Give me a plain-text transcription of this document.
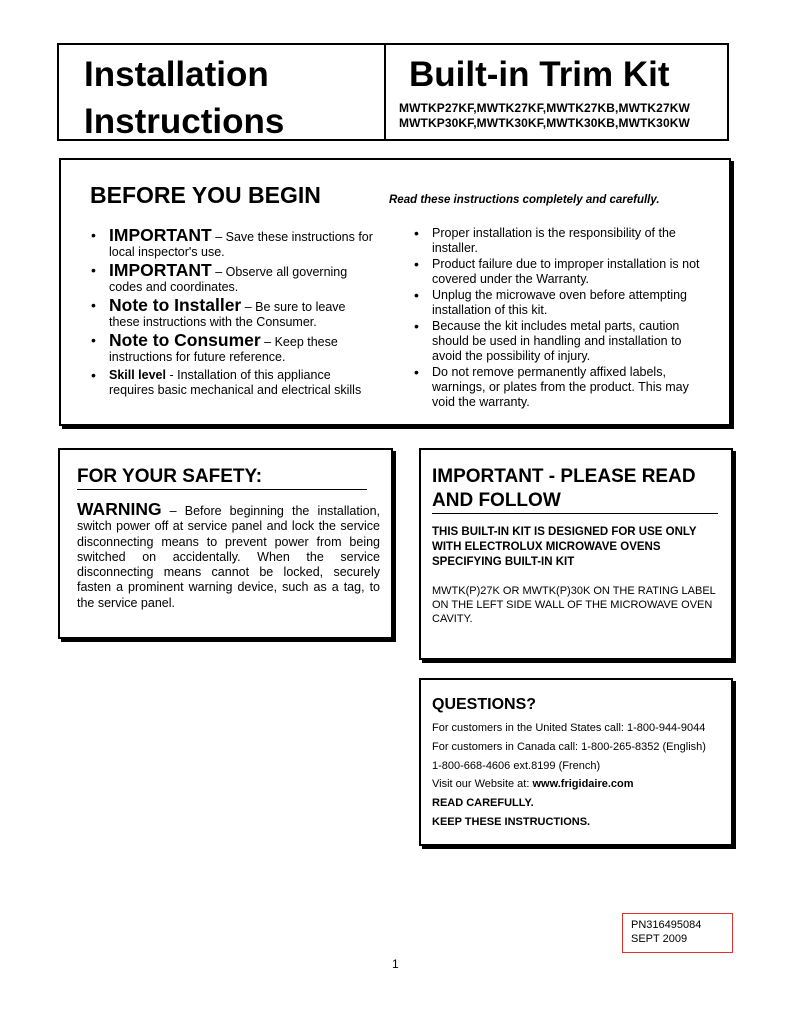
Installation
Instructions
Built-in Trim Kit
MWTKP27KF,MWTK27KF,MWTK27KB,MWTK27KW
MWTKP30KF,MWTK30KF,MWTK30KB,MWTK30KW
BEFORE YOU BEGIN	Read these instructions completely and carefully.
• IMPORTANT – Save these instructions for local inspector's use.
• IMPORTANT – Observe all governing codes and coordinates.
• Note to Installer – Be sure to leave these instructions with the Consumer.
• Note to Consumer – Keep these instructions for future reference.
• Skill level - Installation of this appliance requires basic mechanical and electrical skills
• Proper installation is the responsibility of the installer.
• Product failure due to improper installation is not covered under the Warranty.
• Unplug the microwave oven before attempting installation of this kit.
• Because the kit includes metal parts, caution should be used in handling and installation to avoid the possibility of injury.
• Do not remove permanently affixed labels, warnings, or plates from the product. This may void the warranty.
FOR YOUR SAFETY:
WARNING – Before beginning the installation, switch power off at service panel and lock the service disconnecting means to prevent power from being switched on accidentally. When the service disconnecting means cannot be locked, securely fasten a prominent warning device, such as a tag, to the service panel.
IMPORTANT - PLEASE READ AND FOLLOW
THIS BUILT-IN KIT IS DESIGNED FOR USE ONLY WITH ELECTROLUX MICROWAVE OVENS SPECIFYING BUILT-IN KIT
MWTK(P)27K OR MWTK(P)30K ON THE RATING LABEL ON THE LEFT SIDE WALL OF THE MICROWAVE OVEN CAVITY.
QUESTIONS?
For customers in the United States call: 1-800-944-9044
For customers in Canada call: 1-800-265-8352 (English)
1-800-668-4606 ext.8199 (French)
Visit our Website at: www.frigidaire.com
READ CAREFULLY.
KEEP THESE INSTRUCTIONS.
PN316495084
SEPT 2009
1
